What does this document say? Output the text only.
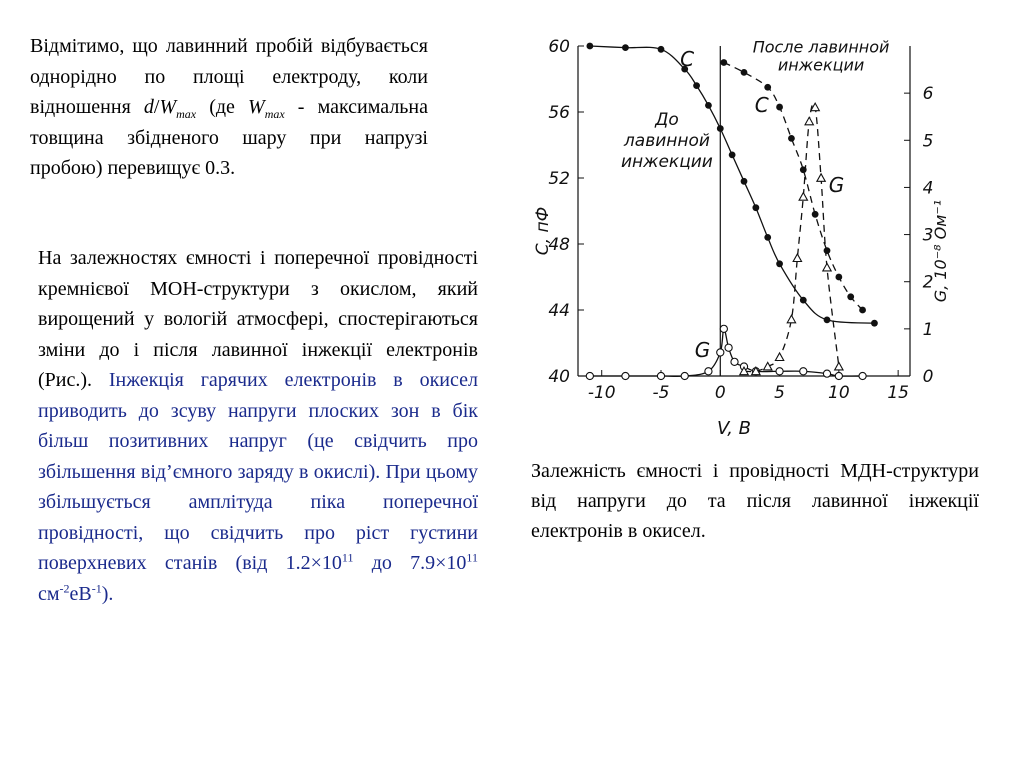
Відмітимо, що лавинний пробій відбувається однорідно по площі електроду, коли відношення $d/W_{max}$ (де $W_{max}$ - максимальна товщина збідненого шару при напрузі пробою) перевищує 0.3.

На залежностях ємності і поперечної провідності кремнієвої МОН-структури з окислом, який вирощений у вологій атмосфері, спостерігаються зміни до і після лавинної інжекції електронів (Рис.). Інжекція гарячих електронів в окисел приводить до зсуву напруги плоских зон в бік більш позитивних напруг (це свідчить про збільшення від’ємного заряду в окислі). При цьому збільшується амплітуда піка поперечної провідності, що свідчить про ріст густини поверхневих станів (від $1.2\times 10^{11}$ до $7.9\times 10^{11}$ $см^{-2}еВ^{-1}$).

-10 -5	0	5	10 15
40
44
48
52
56
60
0
1
2
3
4
5
6
V, В
C, пФ	G, 10⁻⁸ Ом⁻¹
До
лавинной
инжекции
После лавинной
инжекции
C
C
G
G

Залежність ємності і провідності МДН-структури від напруги до та після лавинної інжекції електронів в окисел.
